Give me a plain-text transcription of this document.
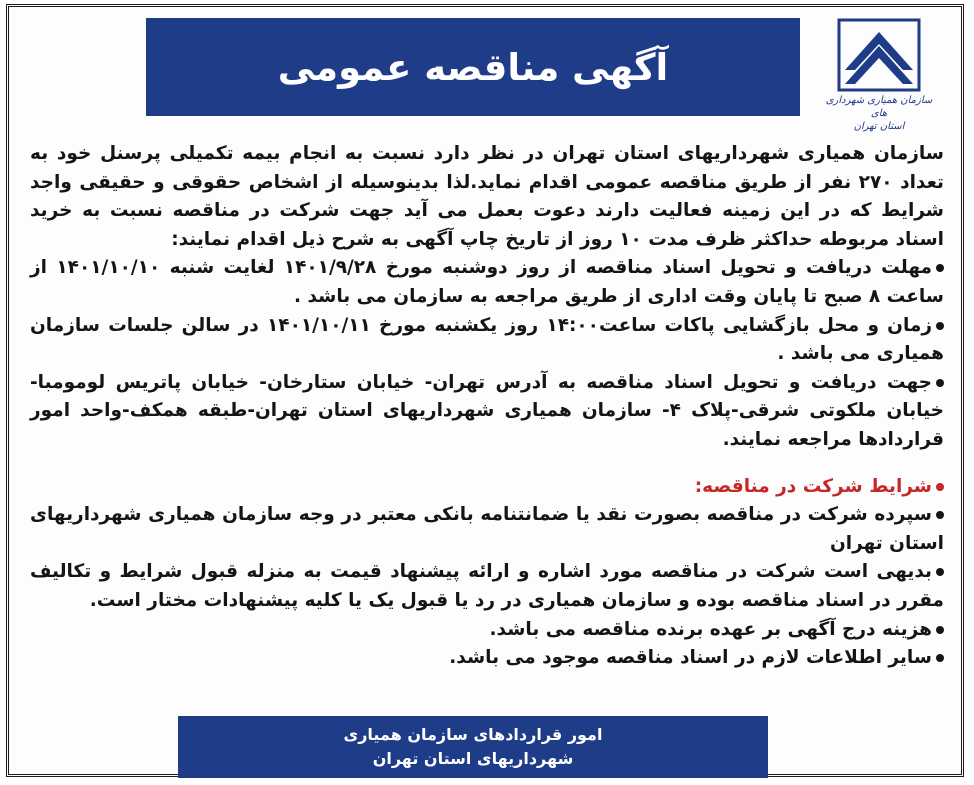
آگهی مناقصه عمومی
سازمان همیاری شهرداری های
استان تهران

سازمان همیاری شهرداریهای استان تهران در نظر دارد نسبت به انجام بیمه تکمیلی پرسنل خود به تعداد ۲۷۰ نفر از طریق مناقصه عمومی اقدام نماید.لذا بدینوسیله از اشخاص حقوقی و حقیقی واجد شرایط که در این زمینه فعالیت دارند دعوت بعمل می آید جهت شرکت در مناقصه نسبت به خرید اسناد مربوطه حداکثر ظرف مدت ۱۰ روز از تاریخ چاپ آگهی به شرح ذیل اقدام نمایند:

مهلت دریافت و تحویل اسناد مناقصه از روز دوشنبه مورخ ۱۴۰۱/۹/۲۸ لغایت شنبه ۱۴۰۱/۱۰/۱۰ از ساعت ۸ صبح تا پایان وقت اداری از طریق مراجعه به سازمان می باشد .

زمان و محل بازگشایی پاکات ساعت۱۴:۰۰ روز یکشنبه مورخ ۱۴۰۱/۱۰/۱۱ در سالن جلسات سازمان همیاری می باشد .

جهت دریافت و تحویل اسناد مناقصه به آدرس تهران- خیابان ستارخان- خیابان پاتریس لومومبا-خیابان ملکوتی شرقی-پلاک ۴- سازمان همیاری شهرداریهای استان تهران-طبقه همکف-واحد امور قراردادها مراجعه نمایند.

شرایط شرکت در مناقصه:

سپرده شرکت در مناقصه بصورت نقد یا ضمانتنامه بانکی معتبر در وجه سازمان همیاری شهرداریهای استان تهران

بدیهی است شرکت در مناقصه مورد اشاره و ارائه پیشنهاد قیمت به منزله قبول شرایط و تکالیف مقرر در اسناد مناقصه بوده و سازمان همیاری در رد یا قبول یک یا کلیه پیشنهادات مختار است.

هزینه درج آگهی بر عهده برنده مناقصه می باشد.

سایر اطلاعات لازم در اسناد مناقصه موجود می باشد.

امور قراردادهای سازمان همیاری
شهرداریهای استان تهران
